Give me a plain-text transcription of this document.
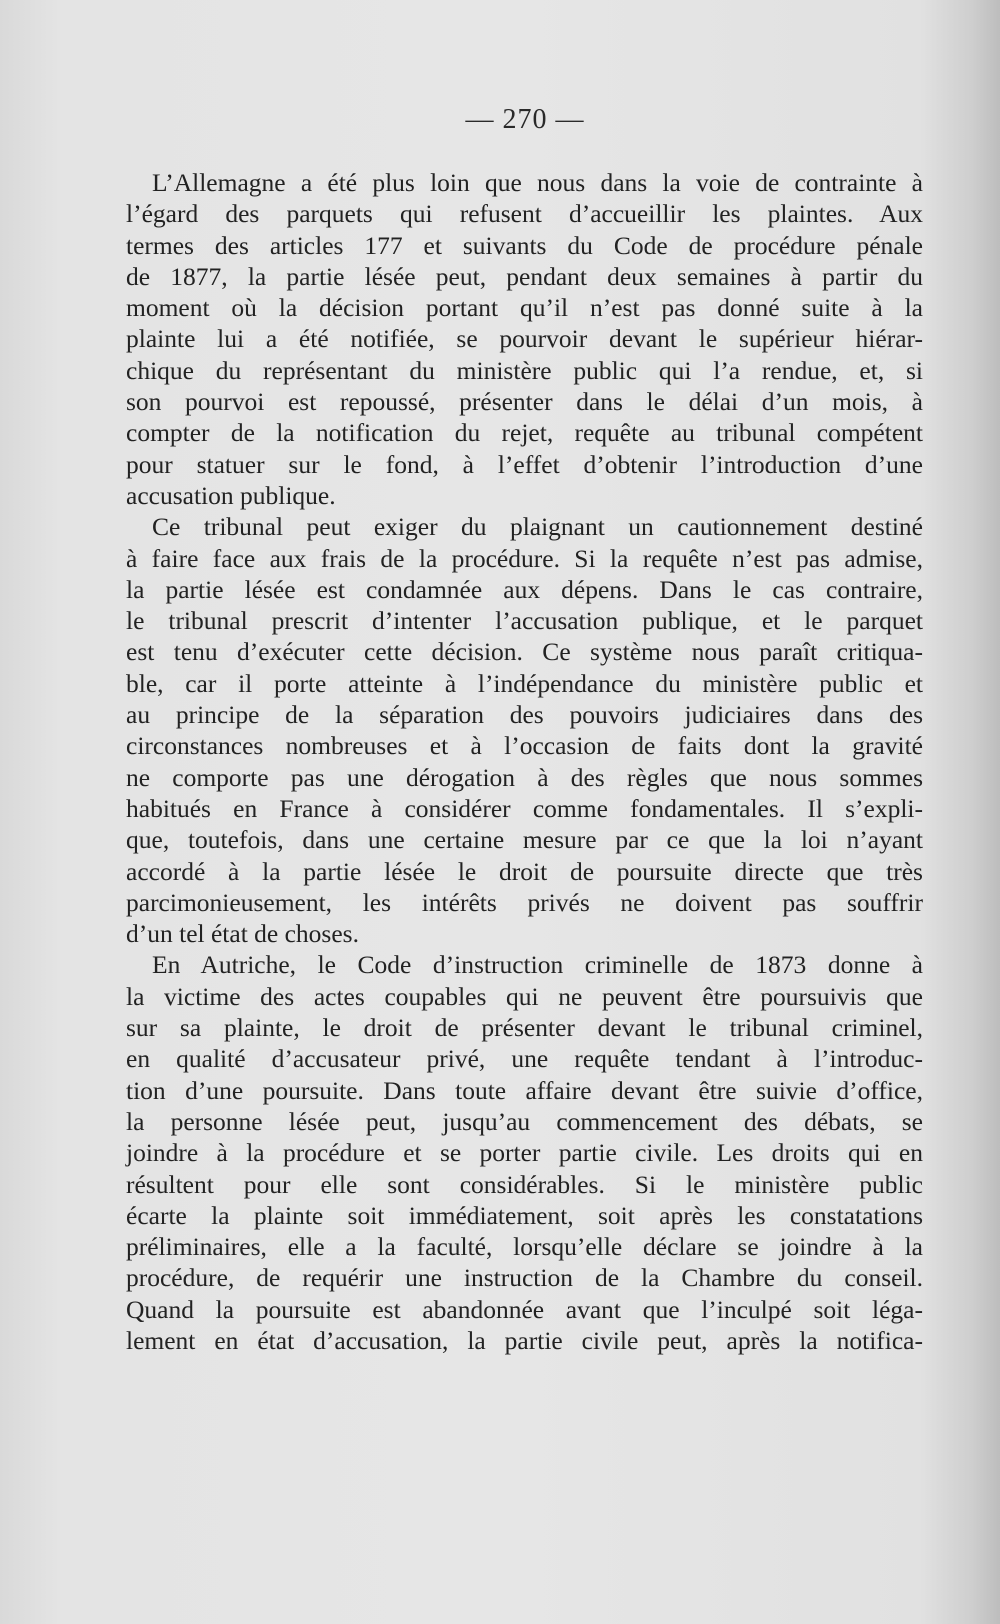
— 270 —
L’Allemagne a été plus loin que nous dans la voie de contrainte à
l’égard des parquets qui refusent d’accueillir les plaintes. Aux
termes des articles 177 et suivants du Code de procédure pénale
de 1877, la partie lésée peut, pendant deux semaines à partir du
moment où la décision portant qu’il n’est pas donné suite à la
plainte lui a été notifiée, se pourvoir devant le supérieur hiérar-
chique du représentant du ministère public qui l’a rendue, et, si
son pourvoi est repoussé, présenter dans le délai d’un mois, à
compter de la notification du rejet, requête au tribunal compétent
pour statuer sur le fond, à l’effet d’obtenir l’introduction d’une
accusation publique.
Ce tribunal peut exiger du plaignant un cautionnement destiné
à faire face aux frais de la procédure. Si la requête n’est pas admise,
la partie lésée est condamnée aux dépens. Dans le cas contraire,
le tribunal prescrit d’intenter l’accusation publique, et le parquet
est tenu d’exécuter cette décision. Ce système nous paraît critiqua-
ble, car il porte atteinte à l’indépendance du ministère public et
au principe de la séparation des pouvoirs judiciaires dans des
circonstances nombreuses et à l’occasion de faits dont la gravité
ne comporte pas une dérogation à des règles que nous sommes
habitués en France à considérer comme fondamentales. Il s’expli-
que, toutefois, dans une certaine mesure par ce que la loi n’ayant
accordé à la partie lésée le droit de poursuite directe que très
parcimonieusement, les intérêts privés ne doivent pas souffrir
d’un tel état de choses.
En Autriche, le Code d’instruction criminelle de 1873 donne à
la victime des actes coupables qui ne peuvent être poursuivis que
sur sa plainte, le droit de présenter devant le tribunal criminel,
en qualité d’accusateur privé, une requête tendant à l’introduc-
tion d’une poursuite. Dans toute affaire devant être suivie d’office,
la personne lésée peut, jusqu’au commencement des débats, se
joindre à la procédure et se porter partie civile. Les droits qui en
résultent pour elle sont considérables. Si le ministère public
écarte la plainte soit immédiatement, soit après les constatations
préliminaires, elle a la faculté, lorsqu’elle déclare se joindre à la
procédure, de requérir une instruction de la Chambre du conseil.
Quand la poursuite est abandonnée avant que l’inculpé soit léga-
lement en état d’accusation, la partie civile peut, après la notifica-
